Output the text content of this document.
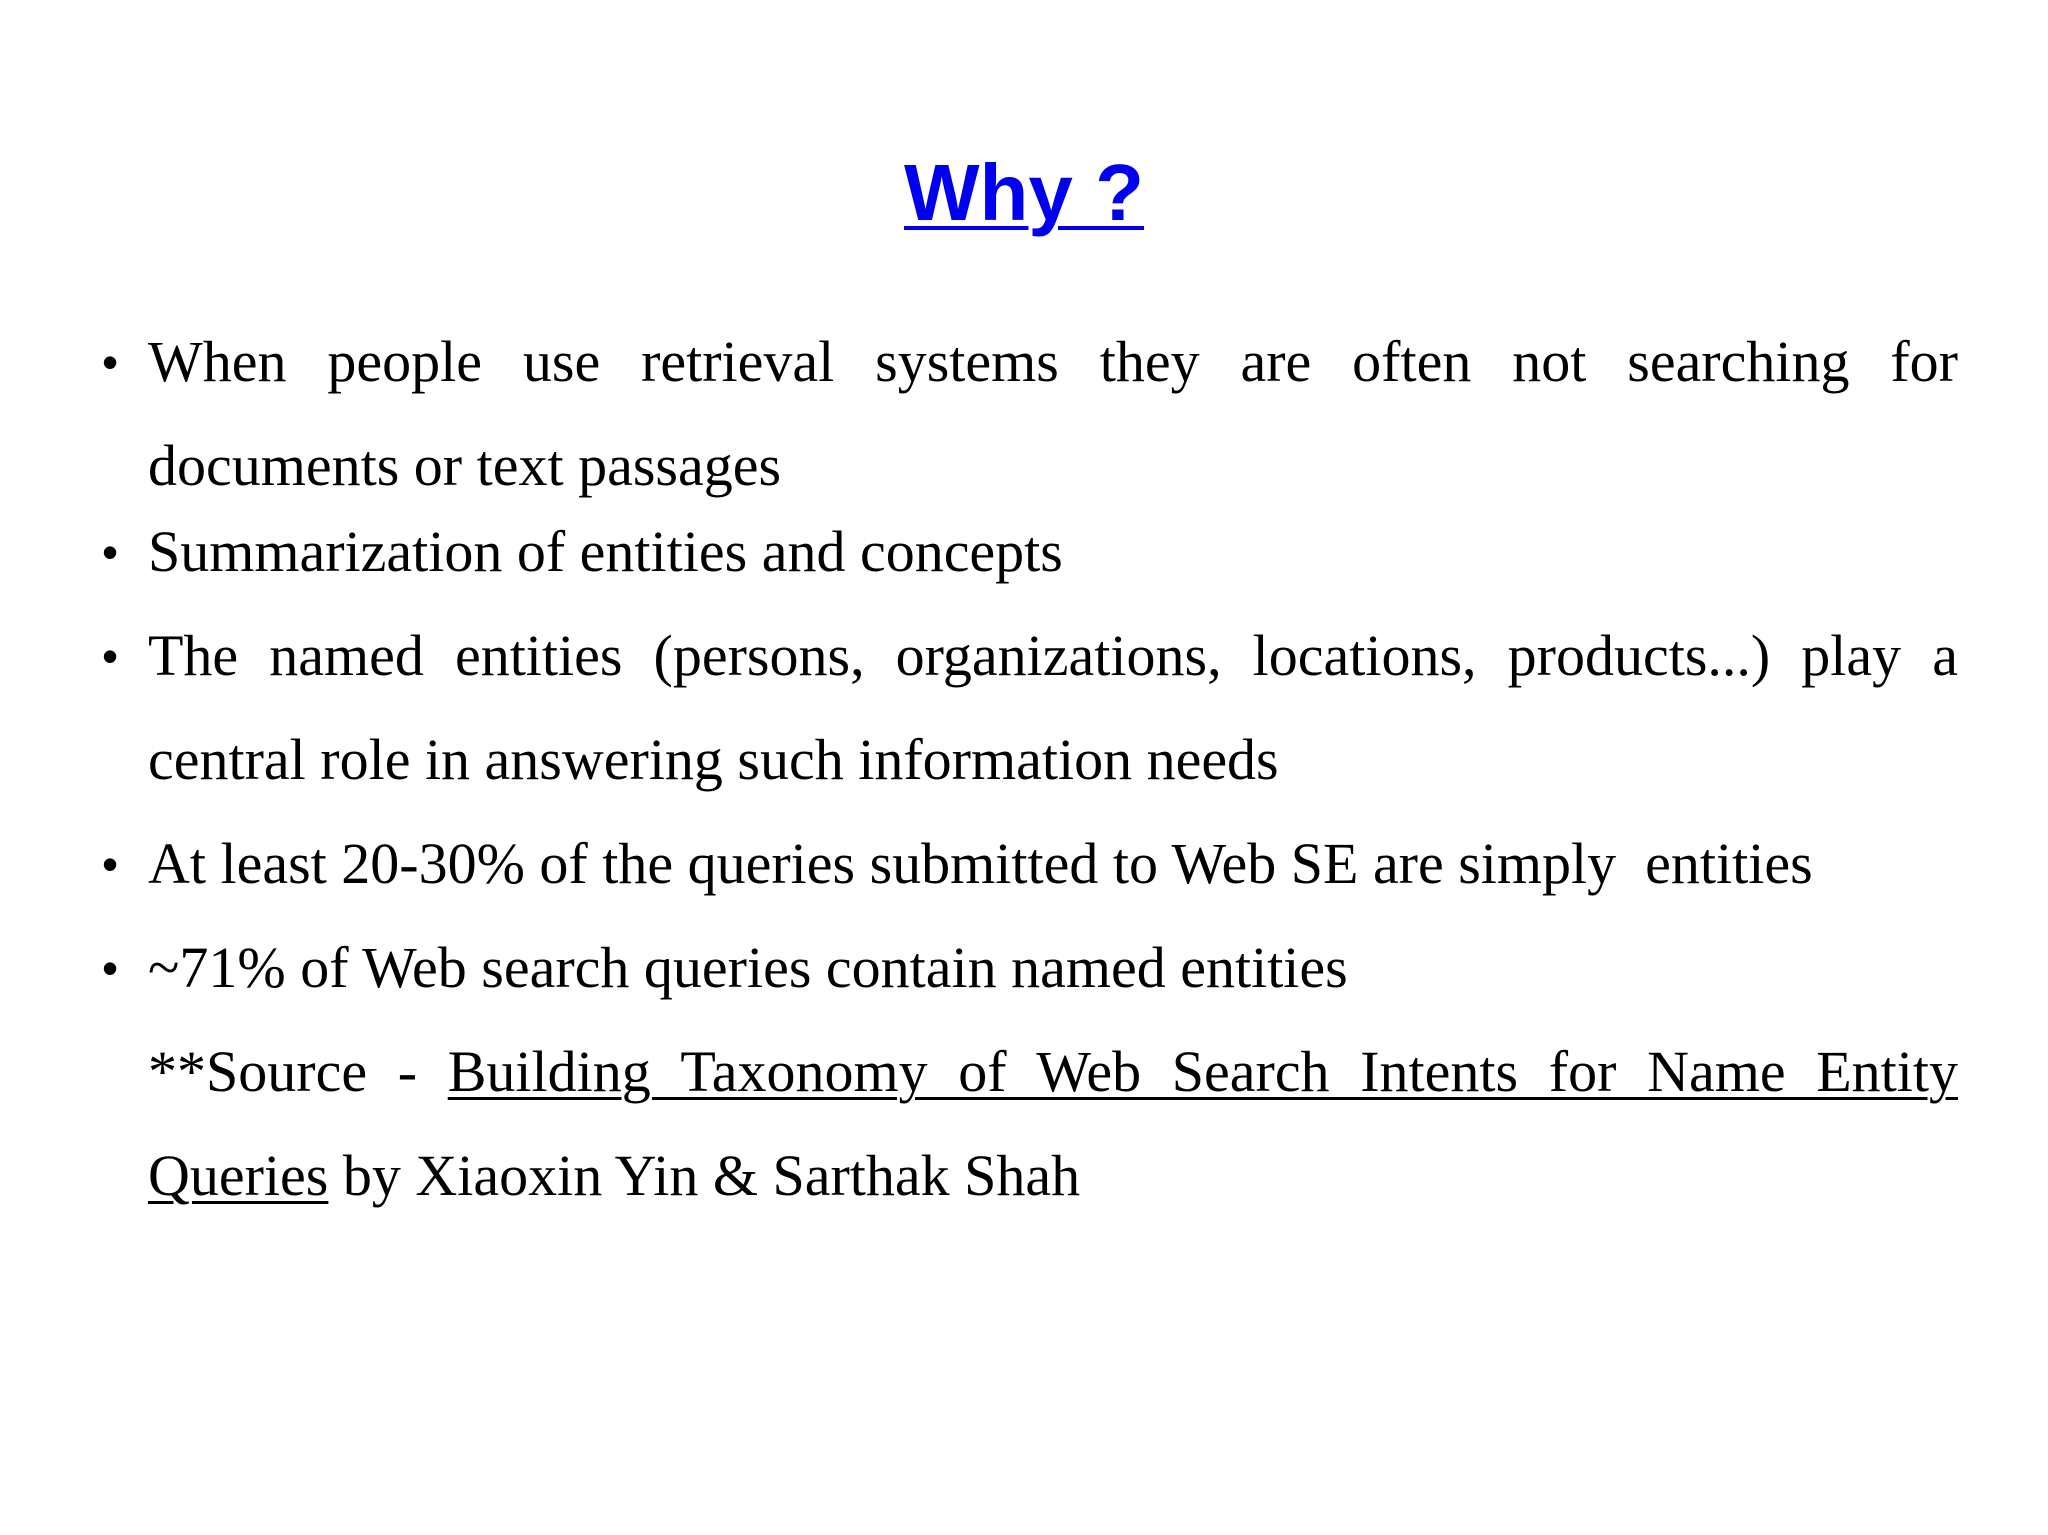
Why ?
• When people use retrieval systems they are often not searching for documents or text passages
• Summarization of entities and concepts
• The named entities (persons, organizations, locations, products...) play a central role in answering such information needs
• At least 20-30% of the queries submitted to Web SE are simply  entities
• ~71% of Web search queries contain named entities
**Source - Building Taxonomy of Web Search Intents for Name Entity Queries by Xiaoxin Yin & Sarthak Shah
